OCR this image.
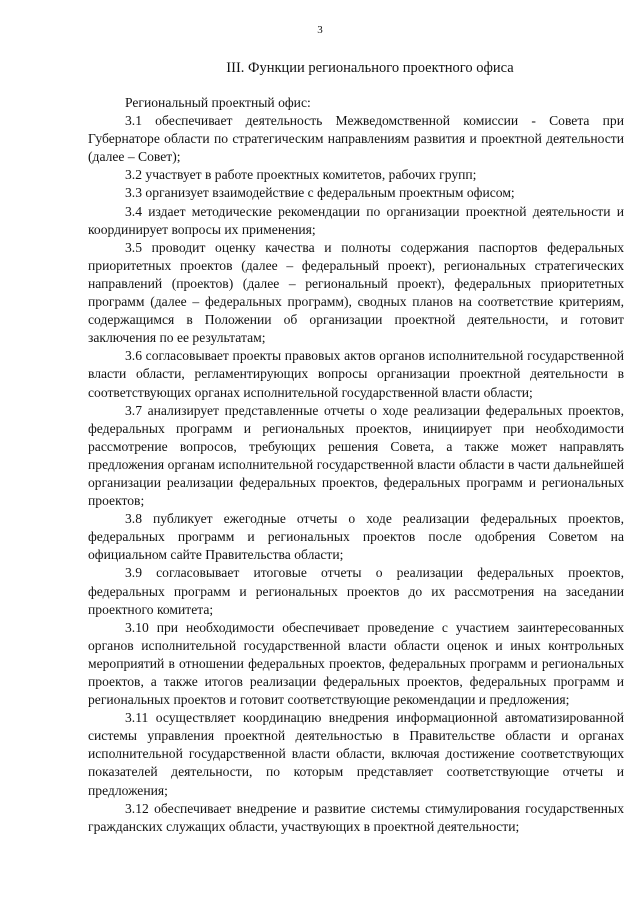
3
III. Функции регионального проектного офиса

Региональный проектный офис:

3.1 обеспечивает деятельность Межведомственной комиссии - Совета при Губернаторе области по стратегическим направлениям развития и проектной деятельности (далее – Совет);

3.2 участвует в работе проектных комитетов, рабочих групп;

3.3 организует взаимодействие с федеральным проектным офисом;

3.4 издает методические рекомендации по организации проектной деятельности и координирует вопросы их применения;

3.5 проводит оценку качества и полноты содержания паспортов федеральных приоритетных проектов (далее – федеральный проект), региональных стратегических направлений (проектов) (далее – региональный проект), федеральных приоритетных программ (далее – федеральных программ), сводных планов на соответствие критериям, содержащимся в Положении об организации проектной деятельности, и готовит заключения по ее результатам;

3.6 согласовывает проекты правовых актов органов исполнительной государственной власти области, регламентирующих вопросы организации проектной деятельности в соответствующих органах исполнительной государственной власти области;

3.7 анализирует представленные отчеты о ходе реализации федеральных проектов, федеральных программ и региональных проектов, инициирует при необходимости рассмотрение вопросов, требующих решения Совета, а также может направлять предложения органам исполнительной государственной власти области в части дальнейшей организации реализации федеральных проектов, федеральных программ и региональных проектов;

3.8 публикует ежегодные отчеты о ходе реализации федеральных проектов, федеральных программ и региональных проектов после одобрения Советом на официальном сайте Правительства области;

3.9 согласовывает итоговые отчеты о реализации федеральных проектов, федеральных программ и региональных проектов до их рассмотрения на заседании проектного комитета;

3.10 при необходимости обеспечивает проведение с участием заинтересованных органов исполнительной государственной власти области оценок и иных контрольных мероприятий в отношении федеральных проектов, федеральных программ и региональных проектов, а также итогов реализации федеральных проектов, федеральных программ и региональных проектов и готовит соответствующие рекомендации и предложения;

3.11 осуществляет координацию внедрения информационной автоматизированной системы управления проектной деятельностью в Правительстве области и органах исполнительной государственной власти области, включая достижение соответствующих показателей деятельности, по которым представляет соответствующие отчеты и предложения;

3.12 обеспечивает внедрение и развитие системы стимулирования государственных гражданских служащих области, участвующих в проектной деятельности;
